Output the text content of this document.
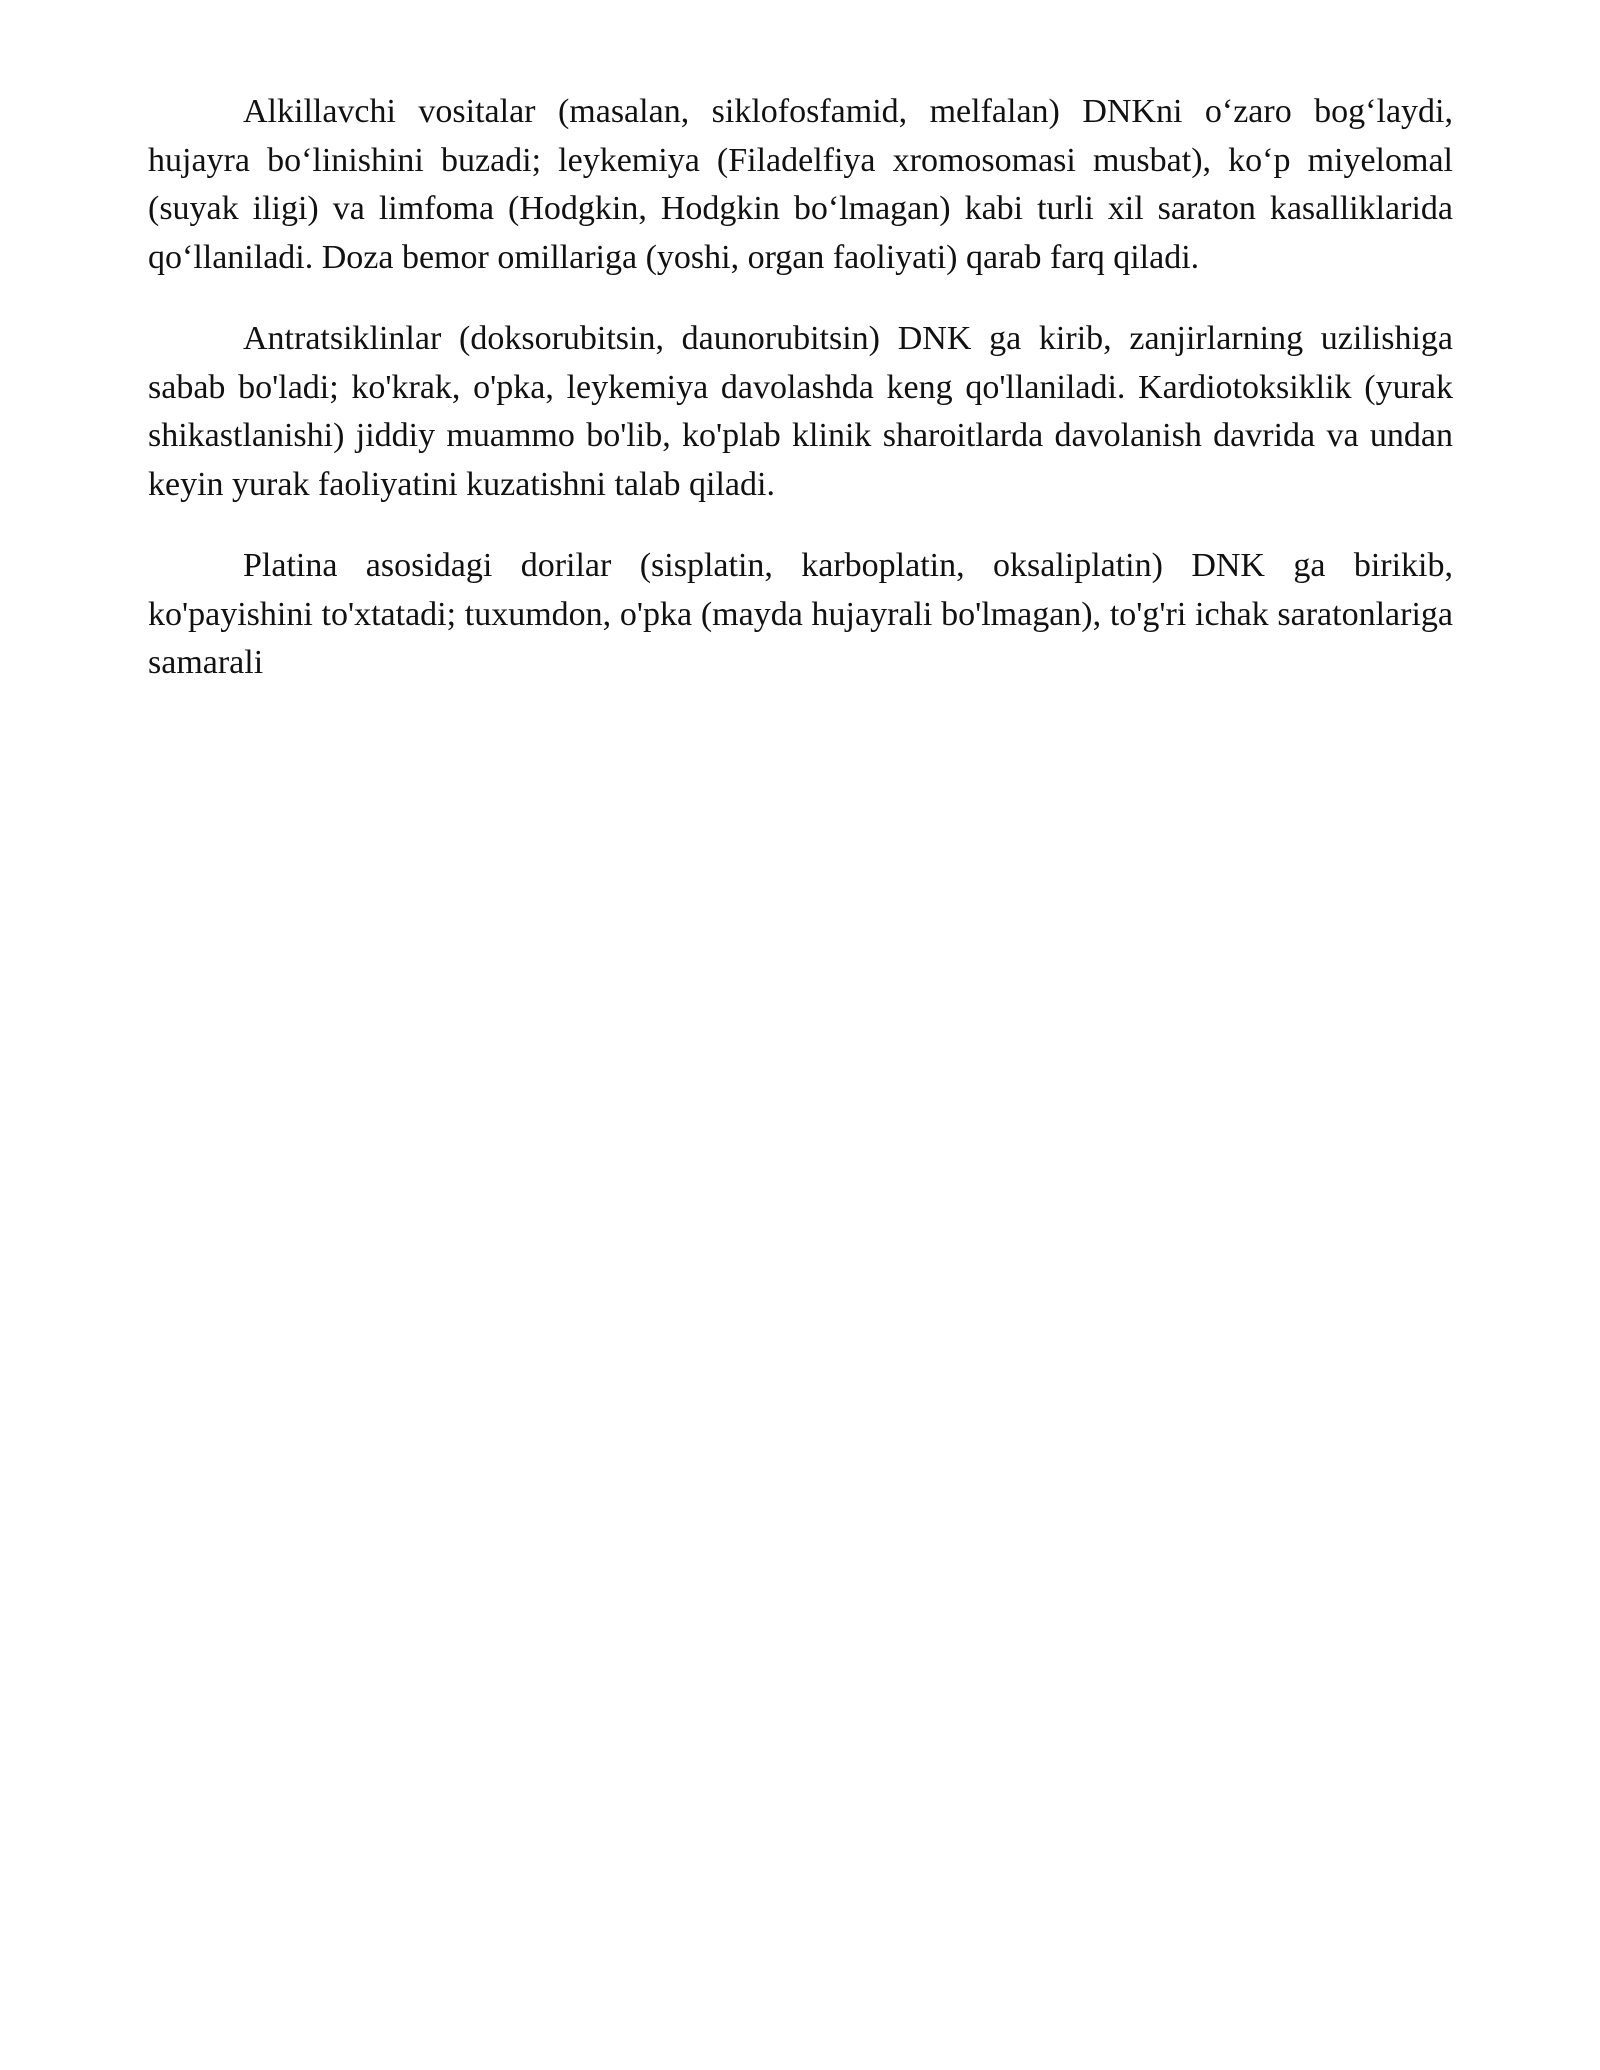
Alkillavchi vositalar (masalan, siklofosfamid, melfalan) DNKni o‘zaro bog‘laydi, hujayra bo‘linishini buzadi; leykemiya (Filadelfiya xromosomasi musbat), ko‘p miyelomal (suyak iligi) va limfoma (Hodgkin, Hodgkin bo‘lmagan) kabi turli xil saraton kasalliklarida qo‘llaniladi. Doza bemor omillariga (yoshi, organ faoliyati) qarab farq qiladi.

Antratsiklinlar (doksorubitsin, daunorubitsin) DNK ga kirib, zanjirlarning uzilishiga sabab bo'ladi; ko'krak, o'pka, leykemiya davolashda keng qo'llaniladi. Kardiotoksiklik (yurak shikastlanishi) jiddiy muammo bo'lib, ko'plab klinik sharoitlarda davolanish davrida va undan keyin yurak faoliyatini kuzatishni talab qiladi.

Platina asosidagi dorilar (sisplatin, karboplatin, oksaliplatin) DNK ga birikib, ko'payishini to'xtatadi; tuxumdon, o'pka (mayda hujayrali bo'lmagan), to'g'ri ichak saratonlariga samarali
